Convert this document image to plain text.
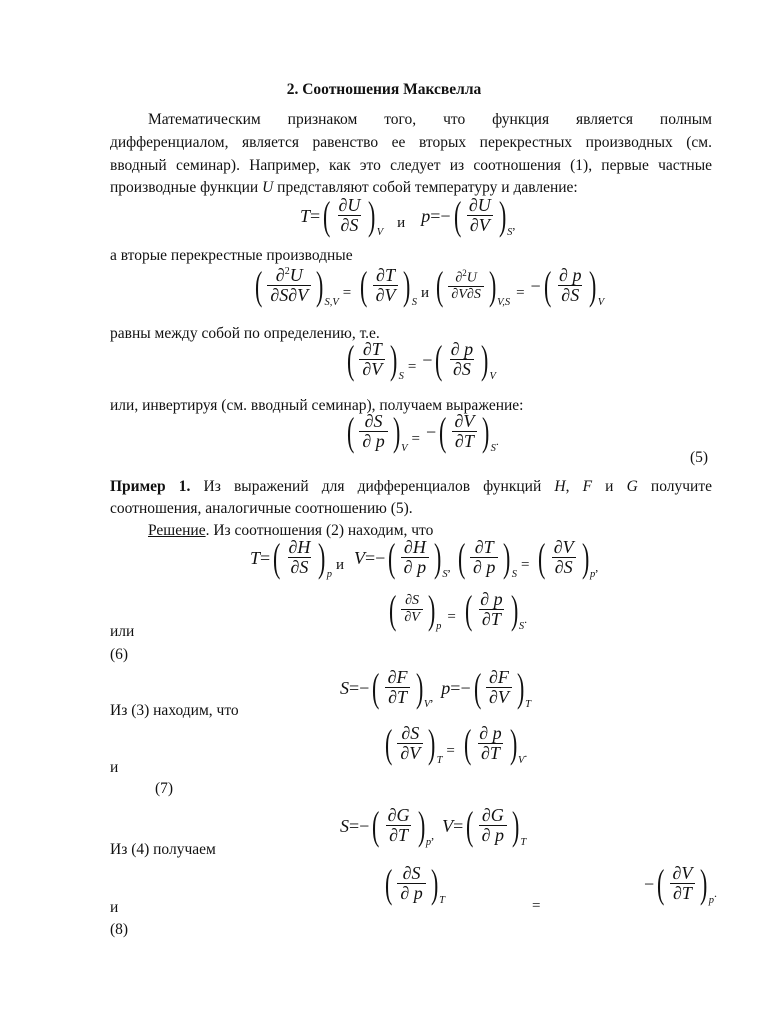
2. Соотношения Максвелла
Математическим признаком того, что функция является полным
дифференциалом, является равенство ее вторых перекрестных производных (см.
вводный семинар). Например, как это следует из соотношения (1), первые частные
производные функции U представляют собой температуру и давление:
T = ( $\frac{\partial U}{\partial S}$ ) V
и p =− ( $\frac{\partial U}{\partial V}$ ) S
,
а вторые перекрестные производные
( $\frac{\partial^2U}{\partial S\partial V}$ ) S,V
= ( $\frac{\partial T}{\partial V}$ ) S
и ( $\frac{\partial^2U}{\partial V\partial S}$ ) V,S
= − ( $\frac{\partial p}{\partial S}$ ) V
равны между собой по определению, т.е.
( $\frac{\partial T}{\partial V}$ ) S
= − ( $\frac{\partial p}{\partial S}$ ) V
или, инвертируя (см. вводный семинар), получаем выражение:
( $\frac{\partial S}{\partial p}$ ) V
= − ( $\frac{\partial V}{\partial T}$ ) S
.
(5)
Пример 1. Из выражений для дифференциалов функций H, F и G получите
соотношения, аналогичные соотношению (5).
Решение. Из соотношения (2) находим, что
T = ( $\frac{\partial H}{\partial S}$ ) p
и V =− ( $\frac{\partial H}{\partial p}$ ) S
, ( $\frac{\partial T}{\partial p}$ ) S
= ( $\frac{\partial V}{\partial S}$ ) p
,
( $\frac{\partial S}{\partial V}$ ) p
= ( $\frac{\partial p}{\partial T}$ ) S
.
или
(6)
S =− ( $\frac{\partial F}{\partial T}$ ) V
, p =− ( $\frac{\partial F}{\partial V}$ ) T
Из (3) находим, что
( $\frac{\partial S}{\partial V}$ ) T
= ( $\frac{\partial p}{\partial T}$ ) V
.
и
(7)
S =− ( $\frac{\partial G}{\partial T}$ ) p
, V = ( $\frac{\partial G}{\partial p}$ ) T
Из (4) получаем
( $\frac{\partial S}{\partial p}$ ) T	=
− ( $\frac{\partial V}{\partial T}$ ) p
.
и
(8)
